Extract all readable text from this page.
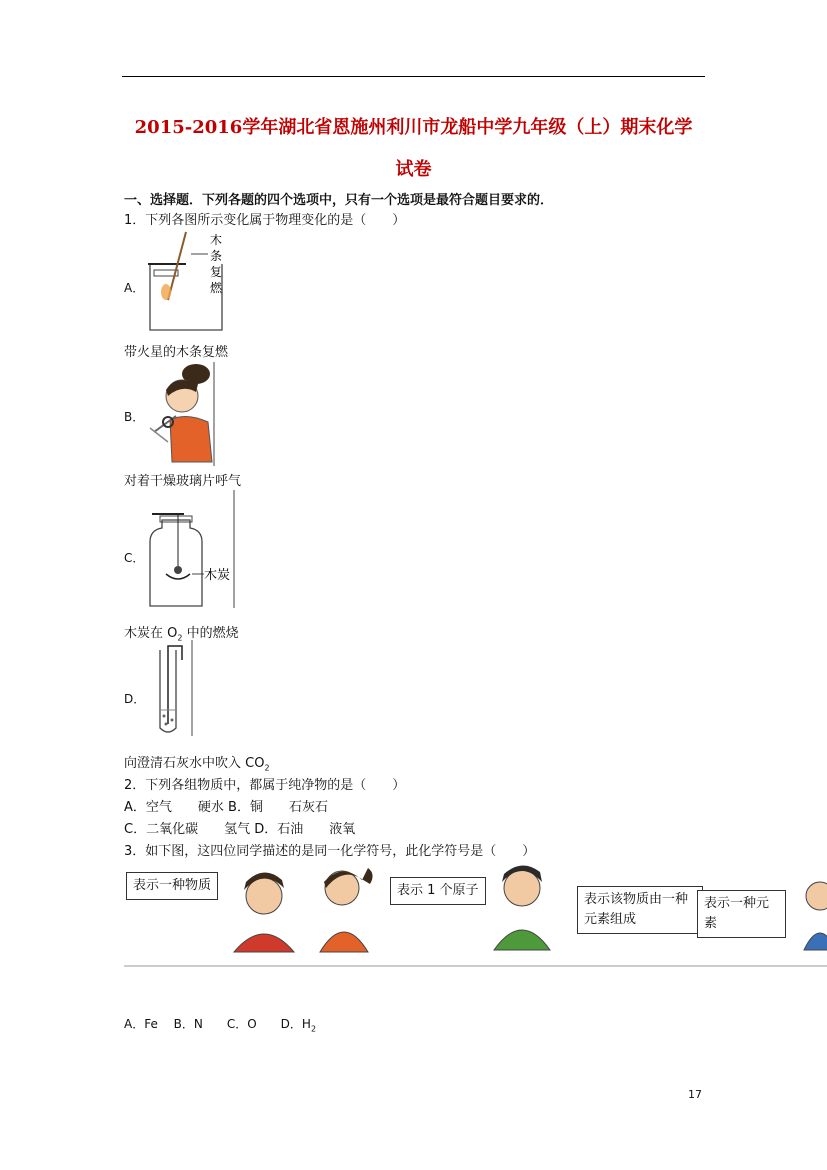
2015-2016学年湖北省恩施州利川市龙船中学九年级（上）期末化学
试卷
一、选择题．下列各题的四个选项中，只有一个选项是最符合题目要求的．
1．下列各图所示变化属于物理变化的是（　　）
A．
木
条
复
燃
带火星的木条复燃
B．
对着干燥玻璃片呼气
C．
木炭
木炭在 $O_2$ 中的燃烧
D．
向澄清石灰水中吹入 $CO_2$
2．下列各组物质中，都属于纯净物的是（　　）
A．空气　　硬水 B．铜　　石灰石
C．二氧化碳　　氢气 D．石油　　液氧
3．如下图，这四位同学描述的是同一化学符号，此化学符号是（　　）
表示一种物质	表示 1 个原子
表示该物质由一种元素组成
表示一种元素
A．Fe　 B．N　　C．O　　D．$H_2$
17
